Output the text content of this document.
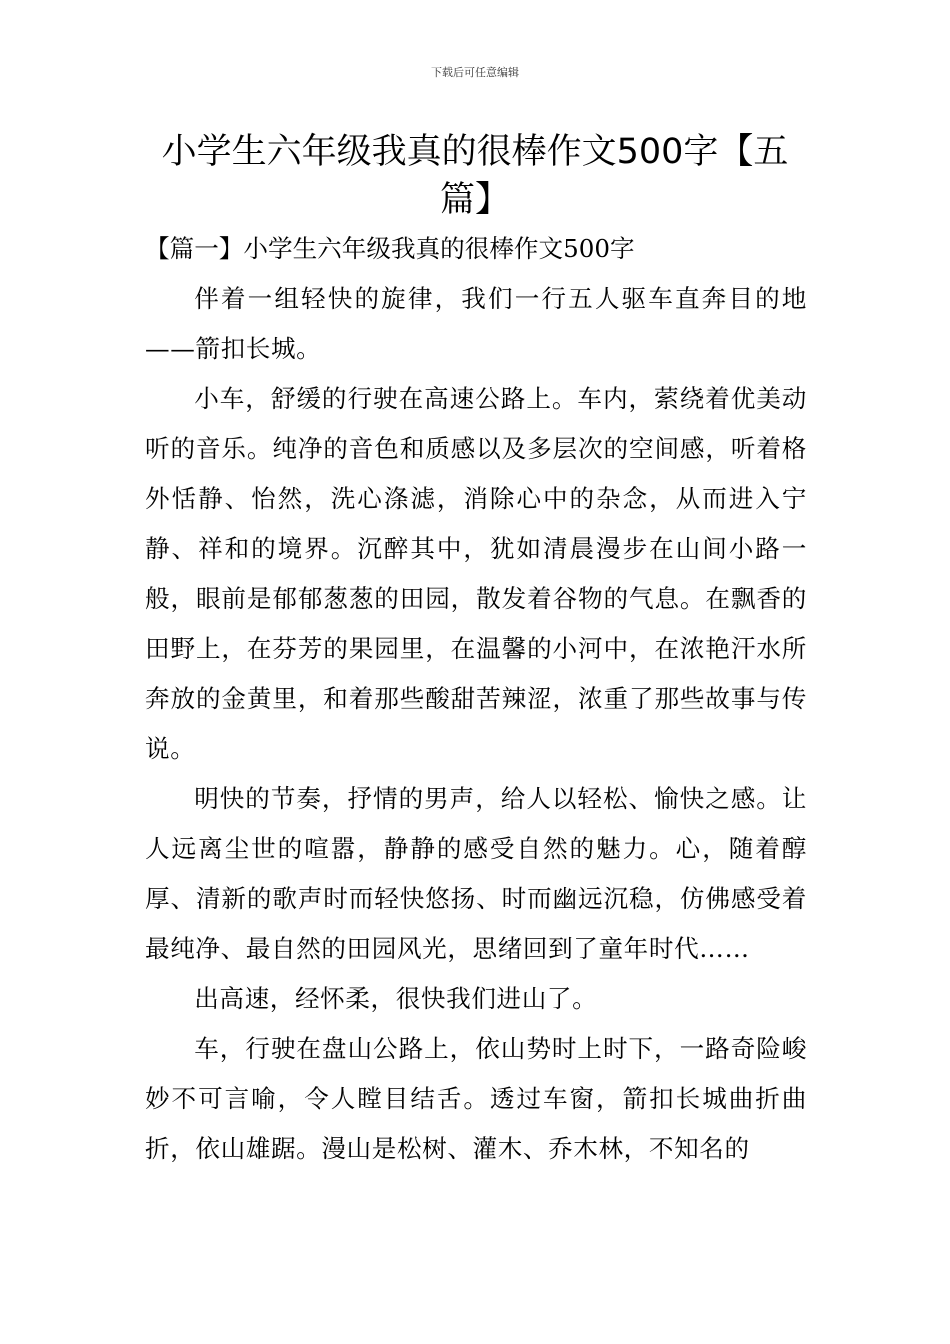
下载后可任意编辑
小学生六年级我真的很棒作文500字【五篇】
【篇一】小学生六年级我真的很棒作文500字

伴着一组轻快的旋律，我们一行五人驱车直奔目的地——箭扣长城。

小车，舒缓的行驶在高速公路上。车内，萦绕着优美动听的音乐。纯净的音色和质感以及多层次的空间感，听着格外恬静、怡然，洗心涤滤，消除心中的杂念，从而进入宁静、祥和的境界。沉醉其中，犹如清晨漫步在山间小路一般，眼前是郁郁葱葱的田园，散发着谷物的气息。在飘香的田野上，在芬芳的果园里，在温馨的小河中，在浓艳汗水所奔放的金黄里，和着那些酸甜苦辣涩，浓重了那些故事与传说。

明快的节奏，抒情的男声，给人以轻松、愉快之感。让人远离尘世的喧嚣，静静的感受自然的魅力。心，随着醇厚、清新的歌声时而轻快悠扬、时而幽远沉稳，仿佛感受着最纯净、最自然的田园风光，思绪回到了童年时代……

出高速，经怀柔，很快我们进山了。

车，行驶在盘山公路上，依山势时上时下，一路奇险峻妙不可言喻，令人瞠目结舌。透过车窗，箭扣长城曲折曲折，依山雄踞。漫山是松树、灌木、乔木林，不知名的
